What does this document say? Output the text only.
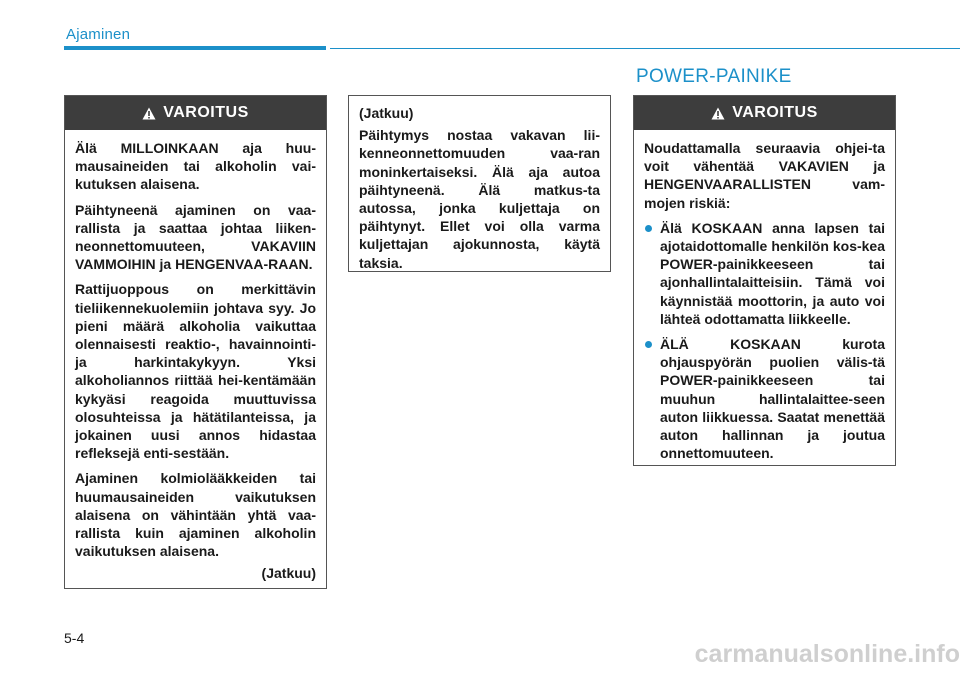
Ajaminen
POWER-PAINIKE
VAROITUS

Älä MILLOINKAAN aja huu-mausaineiden tai alkoholin vai-kutuksen alaisena.

Päihtyneenä ajaminen on vaa-rallista ja saattaa johtaa liiken-neonnettomuuteen, VAKAVIIN VAMMOIHIN ja HENGENVAA-RAAN.

Rattijuoppous on merkittävin tieliikennekuolemiin johtava syy. Jo pieni määrä alkoholia vaikuttaa olennaisesti reaktio-, havainnointi- ja harkintakykyyn. Yksi alkoholiannos riittää hei-kentämään kykyäsi reagoida muuttuvissa olosuhteissa ja hätätilanteissa, ja jokainen uusi annos hidastaa refleksejä enti-sestään.

Ajaminen kolmiolääkkeiden tai huumausaineiden vaikutuksen alaisena on vähintään yhtä vaa-rallista kuin ajaminen alkoholin vaikutuksen alaisena.

(Jatkuu)

(Jatkuu)

Päihtymys nostaa vakavan lii-kenneonnettomuuden vaa-ran moninkertaiseksi. Älä aja autoa päihtyneenä. Älä matkus-ta autossa, jonka kuljettaja on päihtynyt. Ellet voi olla varma kuljettajan ajokunnosta, käytä taksia.

VAROITUS

Noudattamalla seuraavia ohjei-ta voit vähentää VAKAVIEN ja HENGENVAARALLISTEN vam-mojen riskiä:

Älä KOSKAAN anna lapsen tai ajotaidottomalle henkilön kos-kea POWER-painikkeeseen tai ajonhallintalaitteisiin. Tämä voi käynnistää moottorin, ja auto voi lähteä odottamatta liikkeelle.
ÄLÄ KOSKAAN kurota ohjauspyörän puolien välis-tä POWER-painikkeeseen tai muuhun hallintalaittee-seen auton liikkuessa. Saatat menettää auton hallinnan ja joutua onnettomuuteen.
5-4
carmanualsonline.info
